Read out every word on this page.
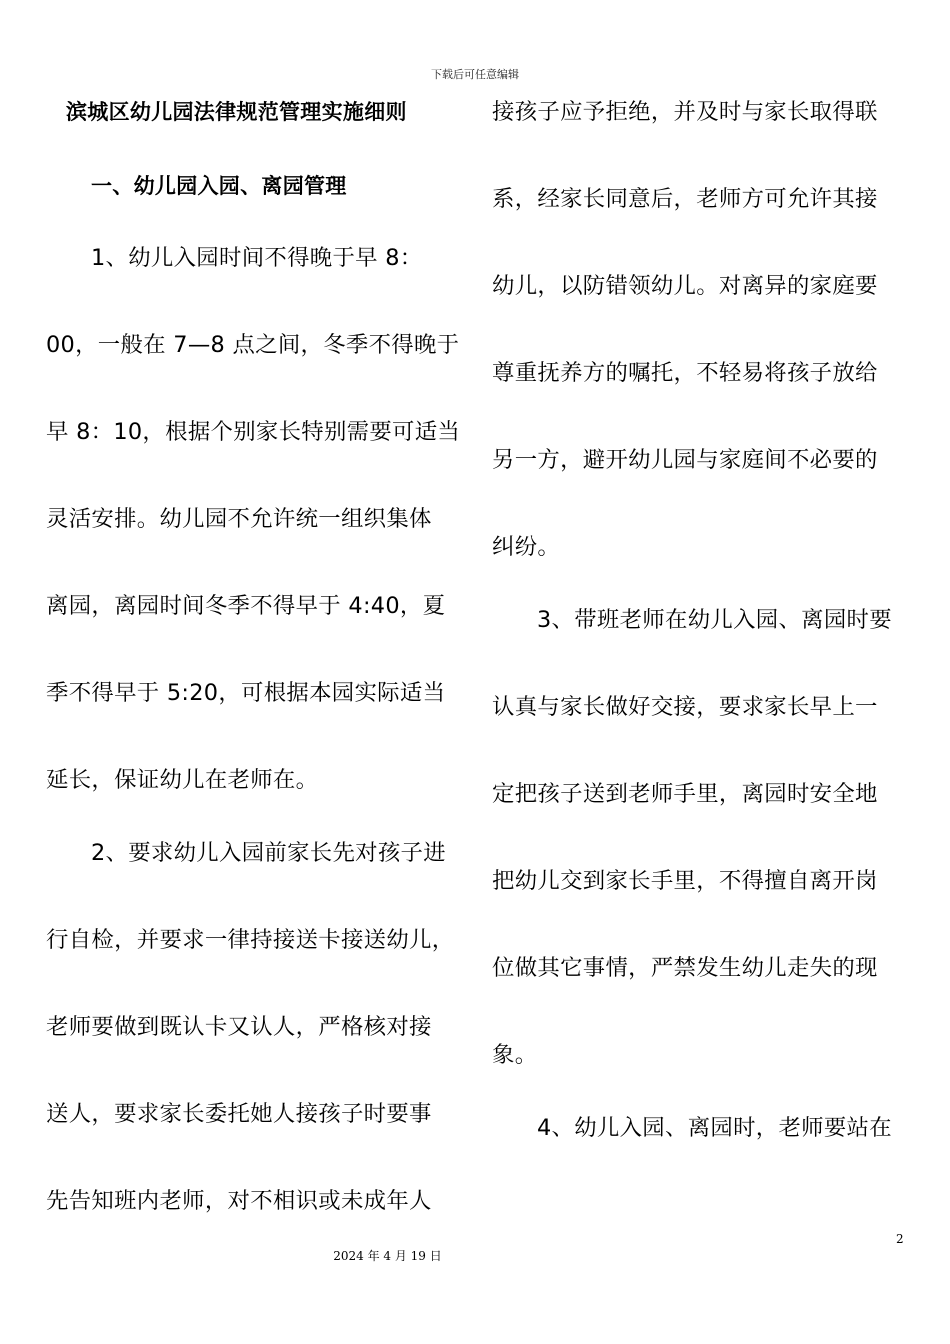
下载后可任意编辑
滨城区幼儿园法律规范管理实施细则
一、幼儿园入园、离园管理
1、幼儿入园时间不得晚于早 8：
00，一般在 7—8 点之间，冬季不得晚于
早 8：10，根据个别家长特别需要可适当
灵活安排。幼儿园不允许统一组织集体
离园，离园时间冬季不得早于 4:40，夏
季不得早于 5:20，可根据本园实际适当
延长，保证幼儿在老师在。
2、要求幼儿入园前家长先对孩子进
行自检，并要求一律持接送卡接送幼儿，
老师要做到既认卡又认人，严格核对接
送人，要求家长委托她人接孩子时要事
先告知班内老师，对不相识或未成年人
接孩子应予拒绝，并及时与家长取得联
系，经家长同意后，老师方可允许其接
幼儿，以防错领幼儿。对离异的家庭要
尊重抚养方的嘱托，不轻易将孩子放给
另一方，避开幼儿园与家庭间不必要的
纠纷。
3、带班老师在幼儿入园、离园时要
认真与家长做好交接，要求家长早上一
定把孩子送到老师手里，离园时安全地
把幼儿交到家长手里，不得擅自离开岗
位做其它事情，严禁发生幼儿走失的现
象。
4、幼儿入园、离园时，老师要站在
2
2024 年 4 月 19 日
